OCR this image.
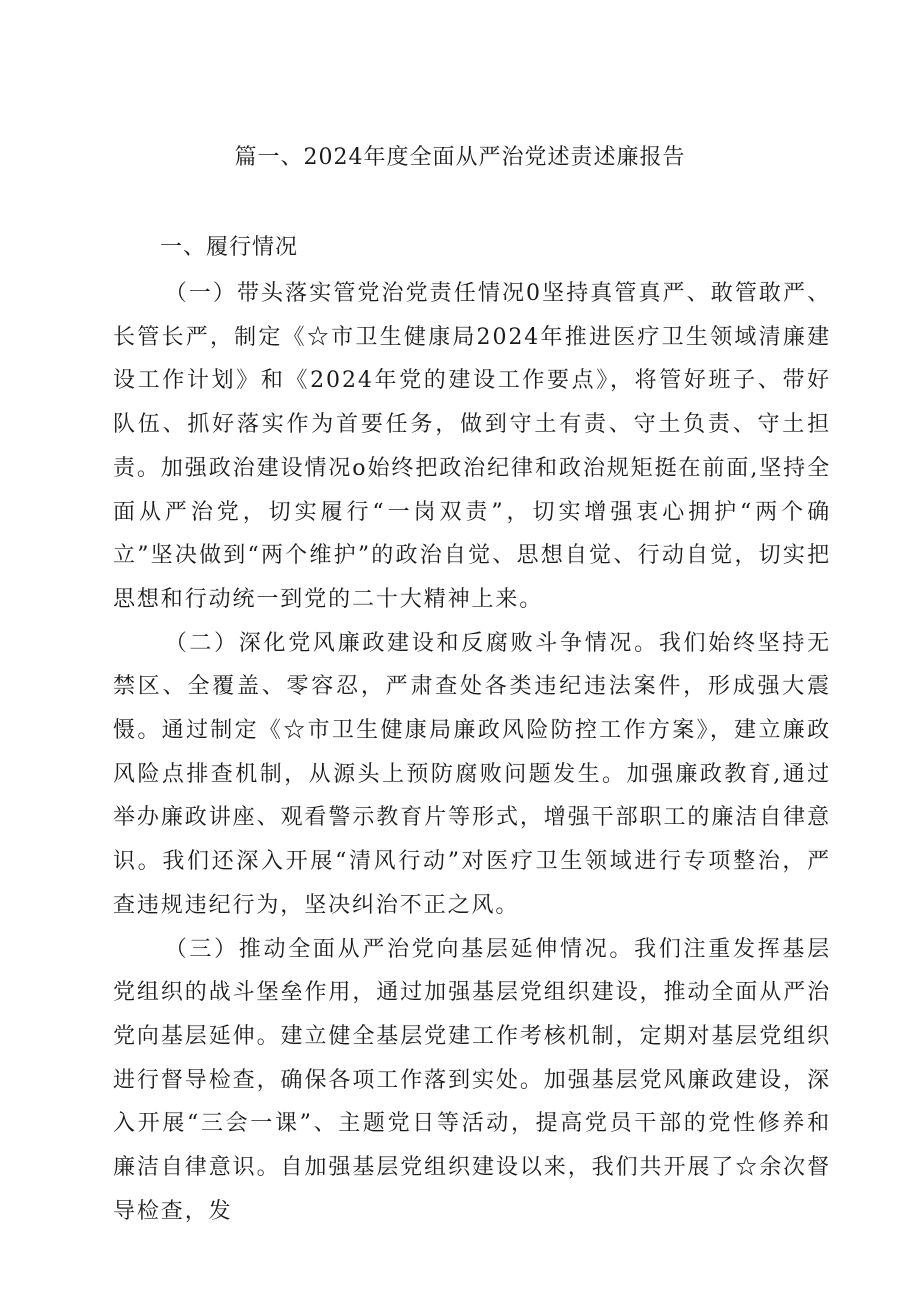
篇一、2024年度全面从严治党述责述廉报告
一、履行情况

（一）带头落实管党治党责任情况0坚持真管真严、敢管敢严、长管长严，制定《☆市卫生健康局2024年推进医疗卫生领域清廉建设工作计划》和《2024年党的建设工作要点》，将管好班子、带好队伍、抓好落实作为首要任务，做到守土有责、守土负责、守土担责。加强政治建设情况o始终把政治纪律和政治规矩挺在前面,坚持全面从严治党，切实履行“一岗双责”，切实增强衷心拥护“两个确立”坚决做到“两个维护”的政治自觉、思想自觉、行动自觉，切实把思想和行动统一到党的二十大精神上来。

（二）深化党风廉政建设和反腐败斗争情况。我们始终坚持无禁区、全覆盖、零容忍，严肃查处各类违纪违法案件，形成强大震慑。通过制定《☆市卫生健康局廉政风险防控工作方案》，建立廉政风险点排查机制，从源头上预防腐败问题发生。加强廉政教育,通过举办廉政讲座、观看警示教育片等形式，增强干部职工的廉洁自律意识。我们还深入开展“清风行动”对医疗卫生领域进行专项整治，严查违规违纪行为，坚决纠治不正之风。

（三）推动全面从严治党向基层延伸情况。我们注重发挥基层党组织的战斗堡垒作用，通过加强基层党组织建设，推动全面从严治党向基层延伸。建立健全基层党建工作考核机制，定期对基层党组织进行督导检查，确保各项工作落到实处。加强基层党风廉政建设，深入开展“三会一课”、主题党日等活动，提高党员干部的党性修养和廉洁自律意识。自加强基层党组织建设以来，我们共开展了☆余次督导检查，发
